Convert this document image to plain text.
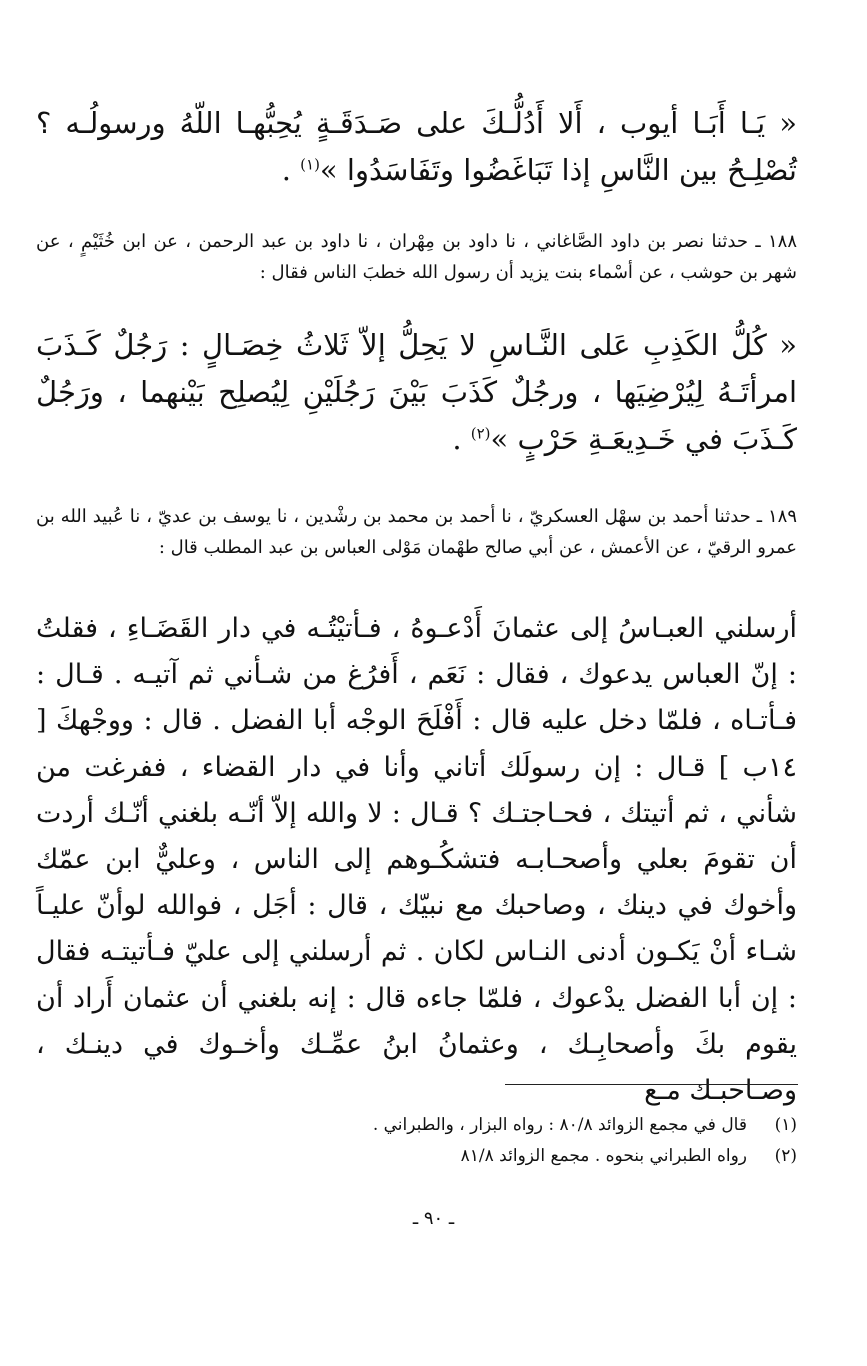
« يَـا أَبَـا أيوب ، أَلا أَدُلُّـكَ على صَـدَقَـةٍ يُحِبُّهـا اللّهُ ورسولُـه ؟ تُصْلِـحُ بين النَّاسِ إذا تَبَاغَضُوا وتَفَاسَدُوا »$^{(١)}$ .
١٨٨ ـ حدثنا نصر بن داود الصَّاغاني ، نا داود بن مِهْران ، نا داود بن عبد الرحمن ، عن ابن خُثَيْمٍ ، عن شهر بن حوشب ، عن أسْماء بنت يزيد أن رسول الله خطبَ الناس فقال :
« كُلُّ الكَذِبِ عَلى النَّـاسِ لا يَحِلُّ إلاّ ثَلاثُ خِصَـالٍ : رَجُلٌ كَـذَبَ امرأتَـهُ لِيُرْضِيَها ، ورجُلٌ كَذَبَ بَيْنَ رَجُلَيْنِ لِيُصلِح بَيْنهما ، ورَجُلٌ كَـذَبَ في خَـدِيعَـةِ حَرْبٍ »$^{(٢)}$ .
١٨٩ ـ حدثنا أحمد بن سهْل العسكريّ ، نا أحمد بن محمد بن رشْدين ، نا يوسف بن عديّ ، نا عُبيد الله بن عمرو الرقيّ ، عن الأعمش ، عن أبي صالح طهْمان مَوْلى العباس بن عبد المطلب قال :
أرسلني العبـاسُ إلى عثمانَ أَدْعـوهُ ، فـأتيْتُـه في دار القَضَـاءِ ، فقلتُ : إنّ العباس يدعوك ، فقال : نَعَم ، أَفرُغ من شـأني ثم آتيـه . قـال : فـأتـاه ، فلمّا دخل عليه قال : أَفْلَحَ الوجْه أبا الفضل . قال : ووجْهكَ [ ١٤ب ] قـال : إن رسولَك أتاني وأنا في دار القضاء ، ففرغت من شأني ، ثم أتيتك ، فحـاجتـك ؟ قـال : لا والله إلاّ أنّـه بلغني أنّـك أردت أن تقومَ بعلي وأصحـابـه فتشكُـوهم إلى الناس ، وعليٌّ ابن عمّك وأخوك في دينك ، وصاحبك مع نبيّك ، قال : أجَل ، فوالله لوأنّ عليـاً شـاء أنْ يَكـون أدنى النـاس لكان . ثم أرسلني إلى عليّ فـأتيتـه فقال : إن أبا الفضل يدْعوك ، فلمّا جاءه قال : إنه بلغني أن عثمان أَراد أن يقوم بكَ وأصحابِـك ، وعثمانُ ابنُ عمِّـك وأخـوك في دينـك ، وصـاحبـك مـع
(١)
قال في مجمع الزوائد ٨٠/٨ : رواه البزار ، والطبراني .
(٢)
رواه الطبراني بنحوه . مجمع الزوائد ٨١/٨
ـ ٩٠ ـ
